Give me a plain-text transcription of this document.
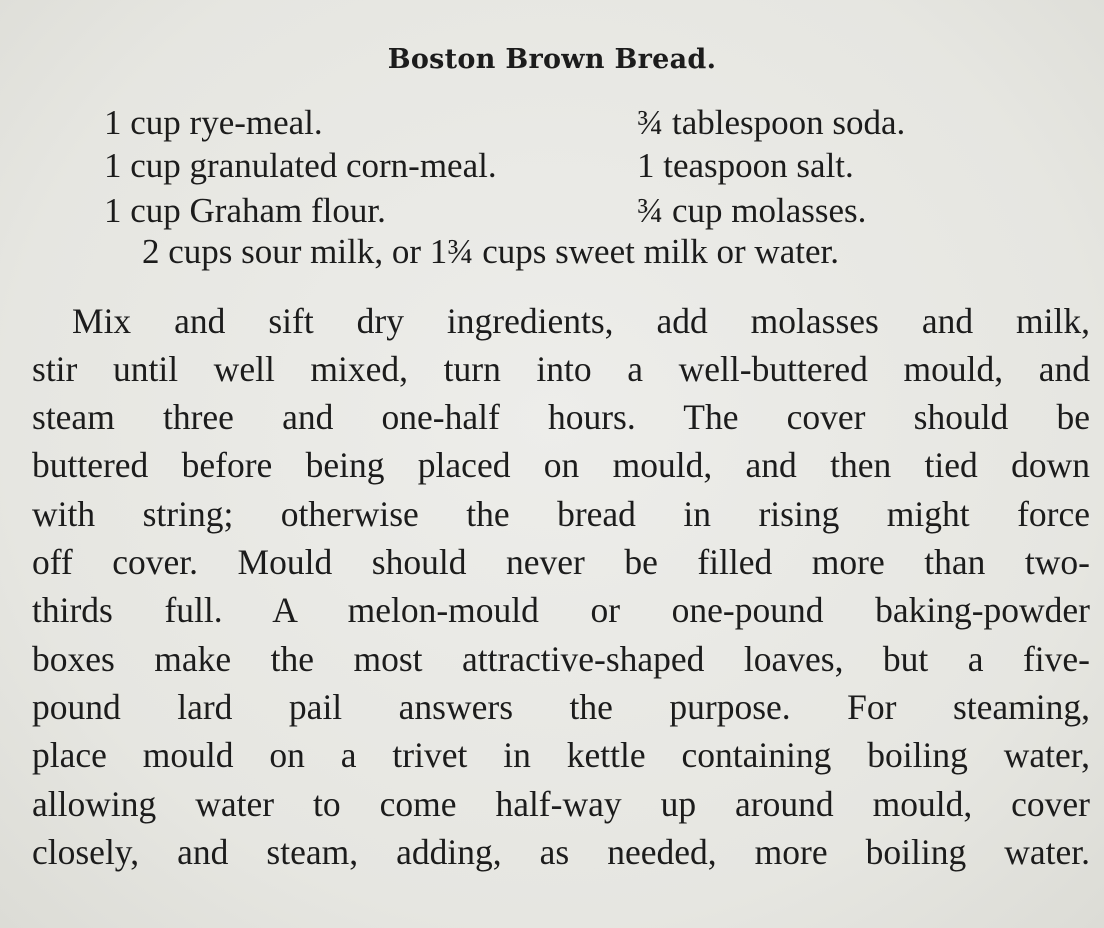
Boston Brown Bread.
1 cup rye-meal.
1 cup granulated corn-meal.
1 cup Graham flour.
¾ tablespoon soda.
1 teaspoon salt.
¾ cup molasses.
2 cups sour milk, or 1¾ cups sweet milk or water.
Mix and sift dry ingredients, add molasses and milk,
stir until well mixed, turn into a well-buttered mould, and
steam three and one-half hours. The cover should be
buttered before being placed on mould, and then tied down
with string; otherwise the bread in rising might force
off cover. Mould should never be filled more than two-
thirds full. A melon-mould or one-pound baking-powder
boxes make the most attractive-shaped loaves, but a five-
pound lard pail answers the purpose. For steaming,
place mould on a trivet in kettle containing boiling water,
allowing water to come half-way up around mould, cover
closely, and steam, adding, as needed, more boiling water.
